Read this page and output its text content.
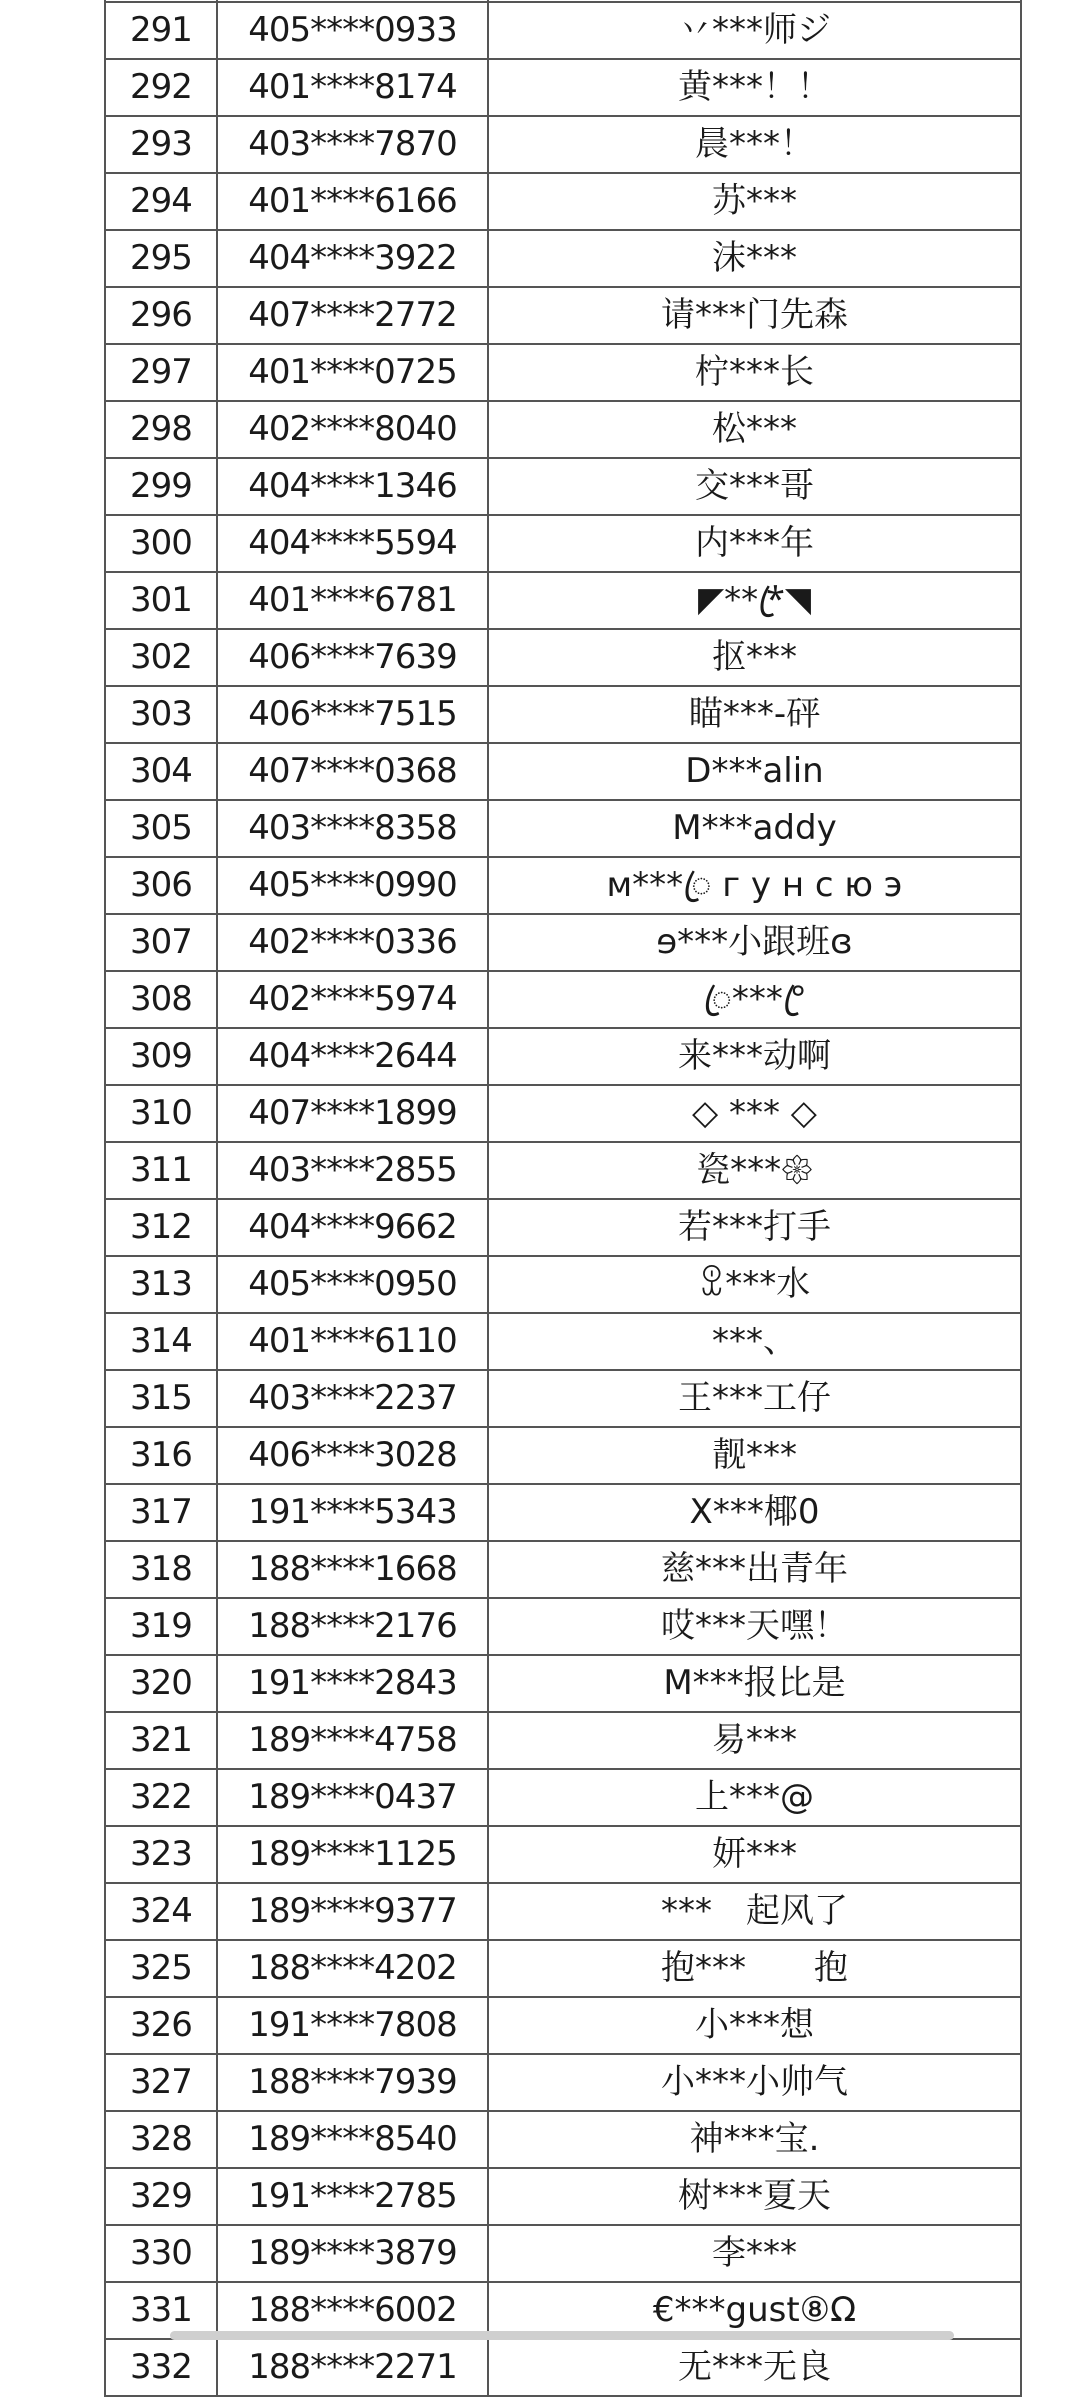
291	405****0933	丷***师ジ
292	401****8174	黄***！！
293	403****7870	晨***！
294	401****6166	苏***
295	404****3922	沫***
296	407****2772	请***门先森
297	401****0725	柠***长
298	402****8040	松***
299	404****1346	交***哥
300	404****5594	内***年
301	401****6781	◤***ꦿ◥
302	406****7639	抠***
303	406****7515	瞄***-砰
304	407****0368	D***alin
305	403****8358	M***addy
306	405****0990	м***ꦿ г у н с ю э
307	402****0336	ɘ***小跟班ɞ
308	402****5974	ꦿ***°ꦿ
309	404****2644	来***动啊
310	407****1899	◇ *** ◇
311	403****2855	瓷***𑁍
312	404****9662	若***打手
313	405****0950	ꀾ***水
314	401****6110	***、
315	403****2237	王***工仔
316	406****3028	靓***
317	191****5343	X***椰0
318	188****1668	慈***出青年
319	188****2176	哎***天嘿！
320	191****2843	M***报比是
321	189****4758	易***
322	189****0437	上***@
323	189****1125	妍***
324	189****9377	***　起风了
325	188****4202	抱***　　抱
326	191****7808	小***想
327	188****7939	小***小帅气
328	189****8540	神***宝.
329	191****2785	树***夏天
330	189****3879	李***
331	188****6002	€***gust⑧Ω
332	188****2271	无***无良
